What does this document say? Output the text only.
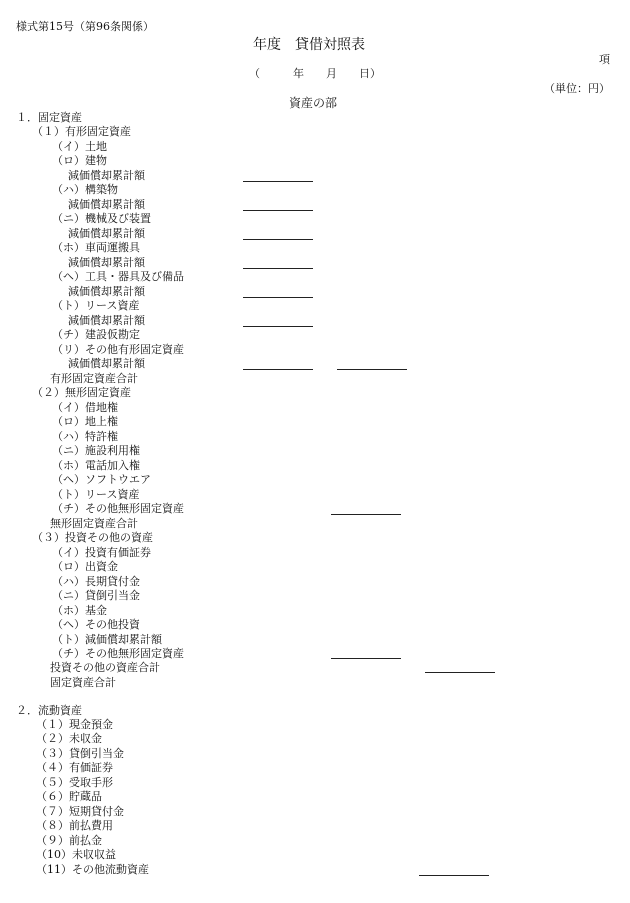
様式第15号（第96条関係）
年度　貸借対照表
項
（　　　年　　月　　日）
（単位：円）
資産の部
１．固定資産
（１）有形固定資産
（イ）土地
（ロ）建物
減価償却累計額
（ハ）構築物
減価償却累計額
（ニ）機械及び装置
減価償却累計額
（ホ）車両運搬具
減価償却累計額
（ヘ）工具・器具及び備品
減価償却累計額
（ト）リース資産
減価償却累計額
（チ）建設仮勘定
（リ）その他有形固定資産
減価償却累計額
有形固定資産合計
（２）無形固定資産
（イ）借地権
（ロ）地上権
（ハ）特許権
（ニ）施設利用権
（ホ）電話加入権
（ヘ）ソフトウエア
（ト）リース資産
（チ）その他無形固定資産
無形固定資産合計
（３）投資その他の資産
（イ）投資有価証券
（ロ）出資金
（ハ）長期貸付金
（ニ）貸倒引当金
（ホ）基金
（ヘ）その他投資
（ト）減価償却累計額
（チ）その他無形固定資産
投資その他の資産合計
固定資産合計
２．流動資産
（１）現金預金
（２）未収金
（３）貸倒引当金
（４）有価証券
（５）受取手形
（６）貯蔵品
（７）短期貸付金
（８）前払費用
（９）前払金
（10）未収収益
（11）その他流動資産
